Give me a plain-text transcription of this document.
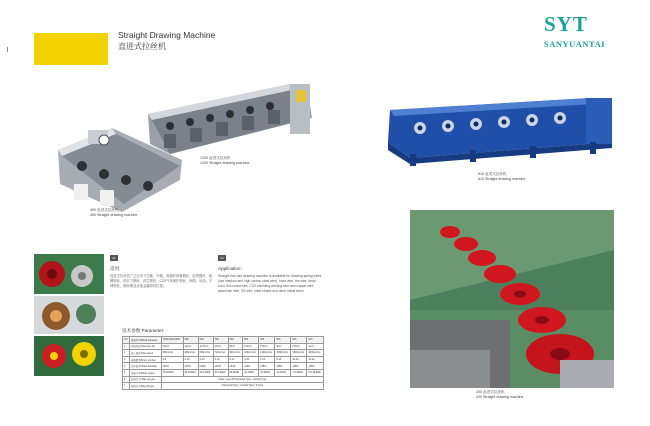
Straight Drawing Machine
直进式拉丝机
SYT
SANYUANTAI
1200 直进式拉丝机
1200 Straight drawing machine
450 直进式拉丝机
450 Straight drawing machine
610 直进式拉丝机
610 Straight drawing machine
200 直进式拉丝机
200 Straight drawing machine
01
适用:
直进式拉丝机广泛应用于拉簧、中碳、高碳的弹簧钢丝、胶管钢丝、胎圈钢丝、预应力钢丝、药芯焊丝、CO2气体保护焊丝、铜线、铝线、不锈钢丝、钢丝绳及其他金属线材拉拔。
02
Application:
Straight line wire drawing machine is available for drawing spring wires (low medium and high carbon steel wire), hose wire, tire wire, bead cord, flux cored wire, CO2 shielding welding wire and copper wire, aluminum wire, SS wire, steel strand and other metal wires.
技术参数 Parameter:
NO	规格型号/Block diameter	1300/1200/1000	900	800	700	600	560	450	350	300	200
1	进线线径/Inlet wire dia	16mm	14mm	12.5mm	10mm	8mm	6.5mm	5.5mm	3mm	2.5mm	2mm
2	最大速度/Max speed	360m/min	480m/min	600m/min	720m/min	900m/min	1080m/min	1200m/min	1500m/min	1800m/min	2000m/min
3	卷筒数量/Drum number	3-8	3-10	3-12	4-13	4-14	4-15	6-16	8-18	10-20	12-22
4	总压缩率/Total reduction	≤90%	≤92%	≤92%	≤93%	≤93%	≤93%	≤95%	≤95%	≤96%	≤96%
5	电机功率/Motor power	75-200kW	55-160kW	45-132kW	37-110kW	30-90kW	22-75kW	15-55kW	11-37kW	7.5-30kW	5.5-18.5kW
6	收线方式/Take up type	Coiler / pay-off Horizontal Type / Vertical Type									
7	放线方式/Pay-off type	Horizontal Type / Vertical Type / Z Type									
